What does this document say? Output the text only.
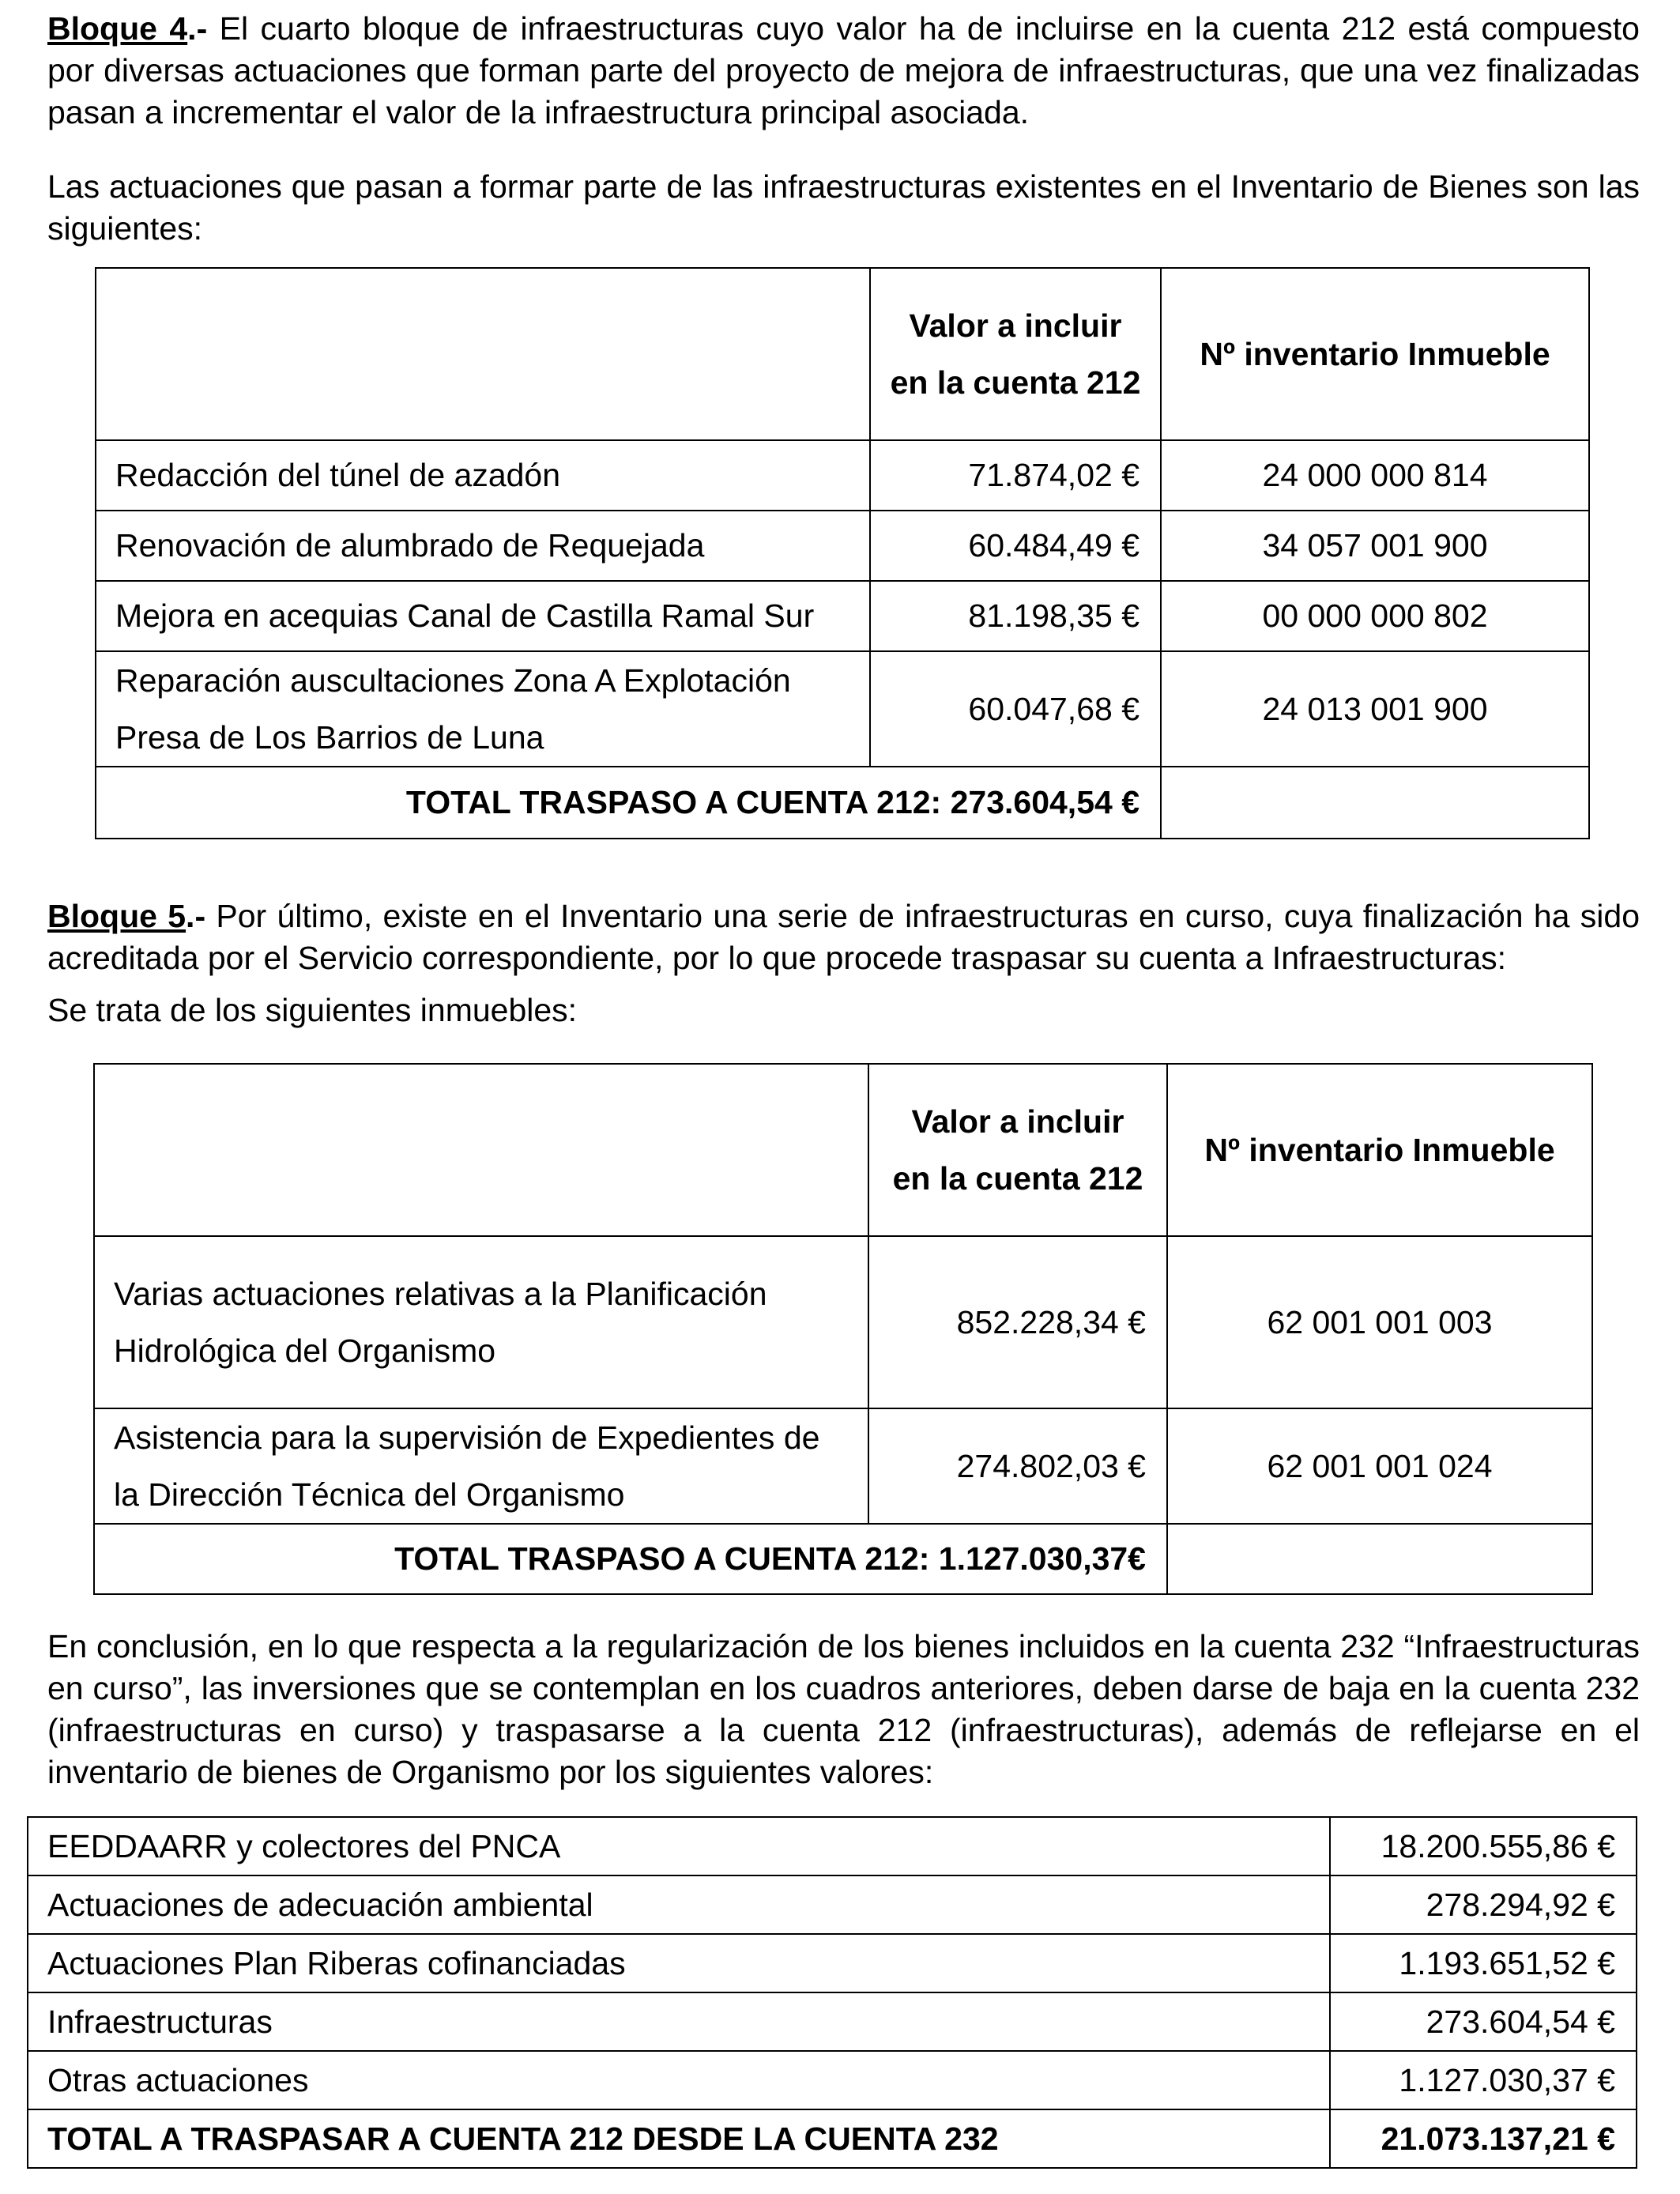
Bloque 4.- El cuarto bloque de infraestructuras cuyo valor ha de incluirse en la cuenta 212 está compuesto por diversas actuaciones que forman parte del proyecto de mejora de infraestructuras, que una vez finalizadas pasan a incrementar el valor de la infraestructura principal asociada.

Las actuaciones que pasan a formar parte de las infraestructuras existentes en el Inventario de Bienes son las siguientes:

	Valor a incluir en la cuenta 212	Nº inventario Inmueble
Redacción del túnel de azadón	71.874,02 €	24 000 000 814
Renovación de alumbrado de Requejada	60.484,49 €	34 057 001 900
Mejora en acequias Canal de Castilla Ramal Sur	81.198,35 €	00 000 000 802
Reparación auscultaciones Zona A Explotación Presa de Los Barrios de Luna	60.047,68 €	24 013 001 900
TOTAL TRASPASO A CUENTA 212: 273.604,54 €		

Bloque 5.- Por último, existe en el Inventario una serie de infraestructuras en curso, cuya finalización ha sido acreditada por el Servicio correspondiente, por lo que procede traspasar su cuenta a Infraestructuras:

Se trata de los siguientes inmuebles:

	Valor a incluir en la cuenta 212	Nº inventario Inmueble
Varias actuaciones relativas a la Planificación Hidrológica del Organismo	852.228,34 €	62 001 001 003
Asistencia para la supervisión de Expedientes de la Dirección Técnica del Organismo	274.802,03 €	62 001 001 024
TOTAL TRASPASO A CUENTA 212: 1.127.030,37€		

En conclusión, en lo que respecta a la regularización de los bienes incluidos en la cuenta 232 “Infraestructuras en curso”, las inversiones que se contemplan en los cuadros anteriores, deben darse de baja en la cuenta 232 (infraestructuras en curso) y traspasarse a la cuenta 212 (infraestructuras), además de reflejarse en el inventario de bienes de Organismo por los siguientes valores:

EEDDAARR y colectores del PNCA	18.200.555,86 €
Actuaciones de adecuación ambiental	278.294,92 €
Actuaciones Plan Riberas cofinanciadas	1.193.651,52 €
Infraestructuras	273.604,54 €
Otras actuaciones	1.127.030,37 €
TOTAL A TRASPASAR A CUENTA 212 DESDE LA CUENTA 232	21.073.137,21 €
